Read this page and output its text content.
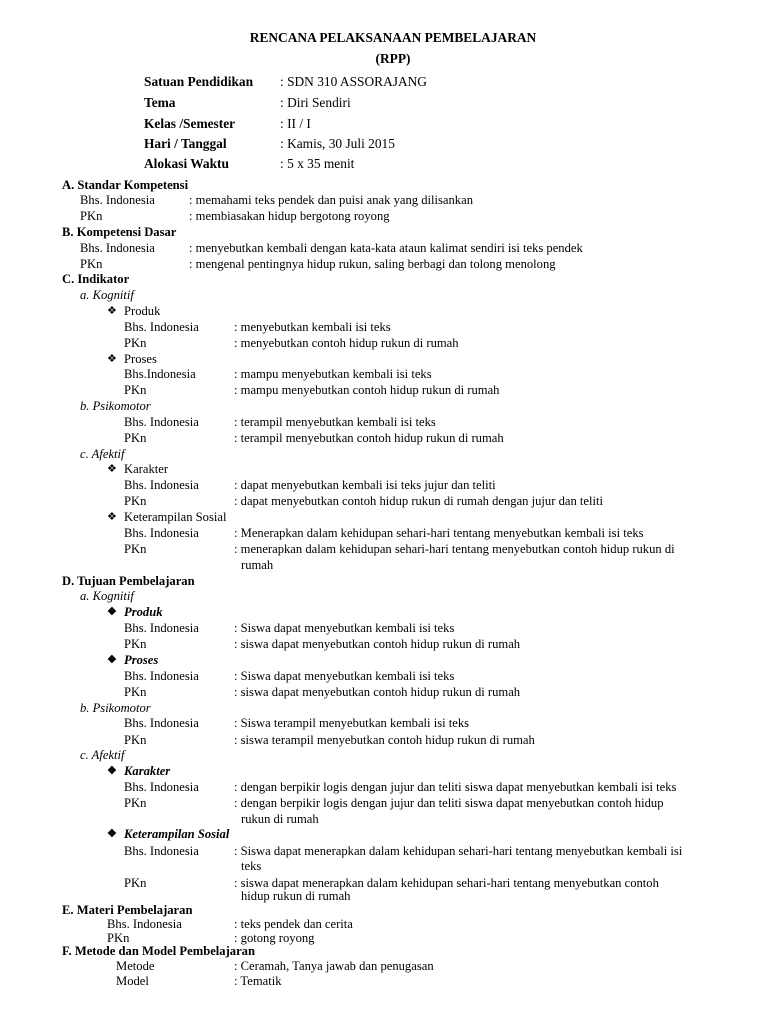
RENCANA PELAKSANAAN PEMBELAJARAN
(RPP)
Satuan Pendidikan : SDN 310 ASSORAJANG
Tema	: Diri Sendiri
Kelas /Semester	: II / I
Hari / Tanggal	: Kamis, 30 Juli 2015
Alokasi Waktu	: 5 x 35 menit
A. Standar Kompetensi
Bhs. Indonesia	: memahami teks pendek dan puisi anak yang dilisankan
PKn	: membiasakan hidup bergotong royong
B. Kompetensi Dasar
Bhs. Indonesia	: menyebutkan kembali dengan kata-kata ataun kalimat sendiri isi teks pendek
PKn	: mengenal pentingnya hidup rukun, saling berbagi dan tolong menolong
C. Indikator
a. Kognitif
❖ Produk
Bhs. Indonesia	: menyebutkan kembali isi teks
PKn	: menyebutkan contoh hidup rukun di rumah
❖ Proses
Bhs.Indonesia	: mampu menyebutkan kembali isi teks
PKn	: mampu menyebutkan contoh hidup rukun di rumah
b. Psikomotor
Bhs. Indonesia	: terampil menyebutkan kembali isi teks
PKn	: terampil menyebutkan contoh hidup rukun di rumah
c. Afektif
❖ Karakter
Bhs. Indonesia	: dapat menyebutkan kembali isi teks jujur dan teliti
PKn	: dapat menyebutkan contoh hidup rukun di rumah dengan jujur dan teliti
❖ Keterampilan Sosial
Bhs. Indonesia	: Menerapkan dalam kehidupan sehari-hari tentang menyebutkan kembali isi teks
PKn	: menerapkan dalam kehidupan sehari-hari tentang menyebutkan contoh hidup rukun di
rumah
D. Tujuan Pembelajaran
a. Kognitif
❖ Produk
Bhs. Indonesia	: Siswa dapat menyebutkan kembali isi teks
PKn	: siswa dapat menyebutkan contoh hidup rukun di rumah
❖ Proses
Bhs. Indonesia	: Siswa dapat menyebutkan kembali isi teks
PKn	: siswa dapat menyebutkan contoh hidup rukun di rumah
b. Psikomotor
Bhs. Indonesia	: Siswa terampil menyebutkan kembali isi teks
PKn	: siswa terampil menyebutkan contoh hidup rukun di rumah
c. Afektif
❖ Karakter
Bhs. Indonesia	: dengan berpikir logis dengan jujur dan teliti siswa dapat menyebutkan kembali isi teks
PKn	: dengan berpikir logis dengan jujur dan teliti siswa dapat menyebutkan contoh hidup
rukun di rumah
❖ Keterampilan Sosial
Bhs. Indonesia	: Siswa dapat menerapkan dalam kehidupan sehari-hari tentang menyebutkan kembali isi
teks
PKn	: siswa dapat menerapkan dalam kehidupan sehari-hari tentang menyebutkan contoh
hidup rukun di rumah
E. Materi Pembelajaran
Bhs. Indonesia	: teks pendek dan cerita
PKn	: gotong royong
F. Metode dan Model Pembelajaran
Metode	: Ceramah, Tanya jawab dan penugasan
Model	: Tematik
